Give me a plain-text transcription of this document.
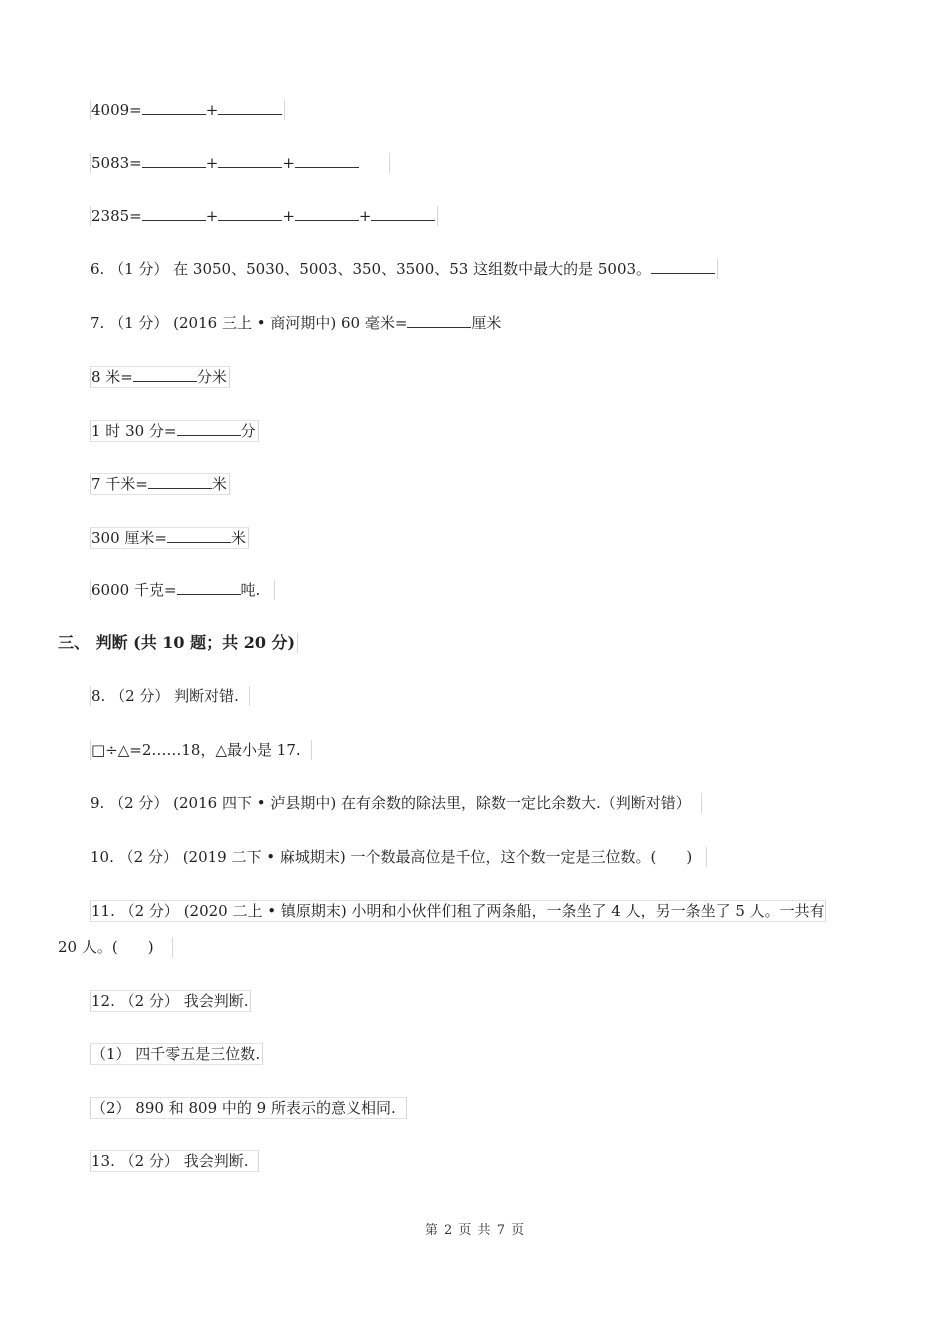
4009=	+
5083=	+	+
2385=	+	+	+
6. （1 分） 在 3050、5030、5003、350、3500、53 这组数中最大的是 5003。
7. （1 分） (2016 三上 • 商河期中) 60 毫米=	厘米
8 米=	分米
1 时 30 分=	分
7 千米=	米
300 厘米=	米
6000 千克=	吨.
三、 判断 (共 10 题；共 20 分)
8. （2 分） 判断对错.
□÷△=2……18，△最小是 17.
9. （2 分） (2016 四下 • 泸县期中) 在有余数的除法里，除数一定比余数大.（判断对错）
10. （2 分） (2019 二下 • 麻城期末) 一个数最高位是千位，这个数一定是三位数。(　　)
11. （2 分） (2020 二上 • 镇原期末) 小明和小伙伴们租了两条船，一条坐了 4 人，另一条坐了 5 人。一共有
20 人。(　　)
12. （2 分） 我会判断.
（1） 四千零五是三位数.
（2） 890 和 809 中的 9 所表示的意义相同.
13. （2 分） 我会判断.
第 2 页 共 7 页
